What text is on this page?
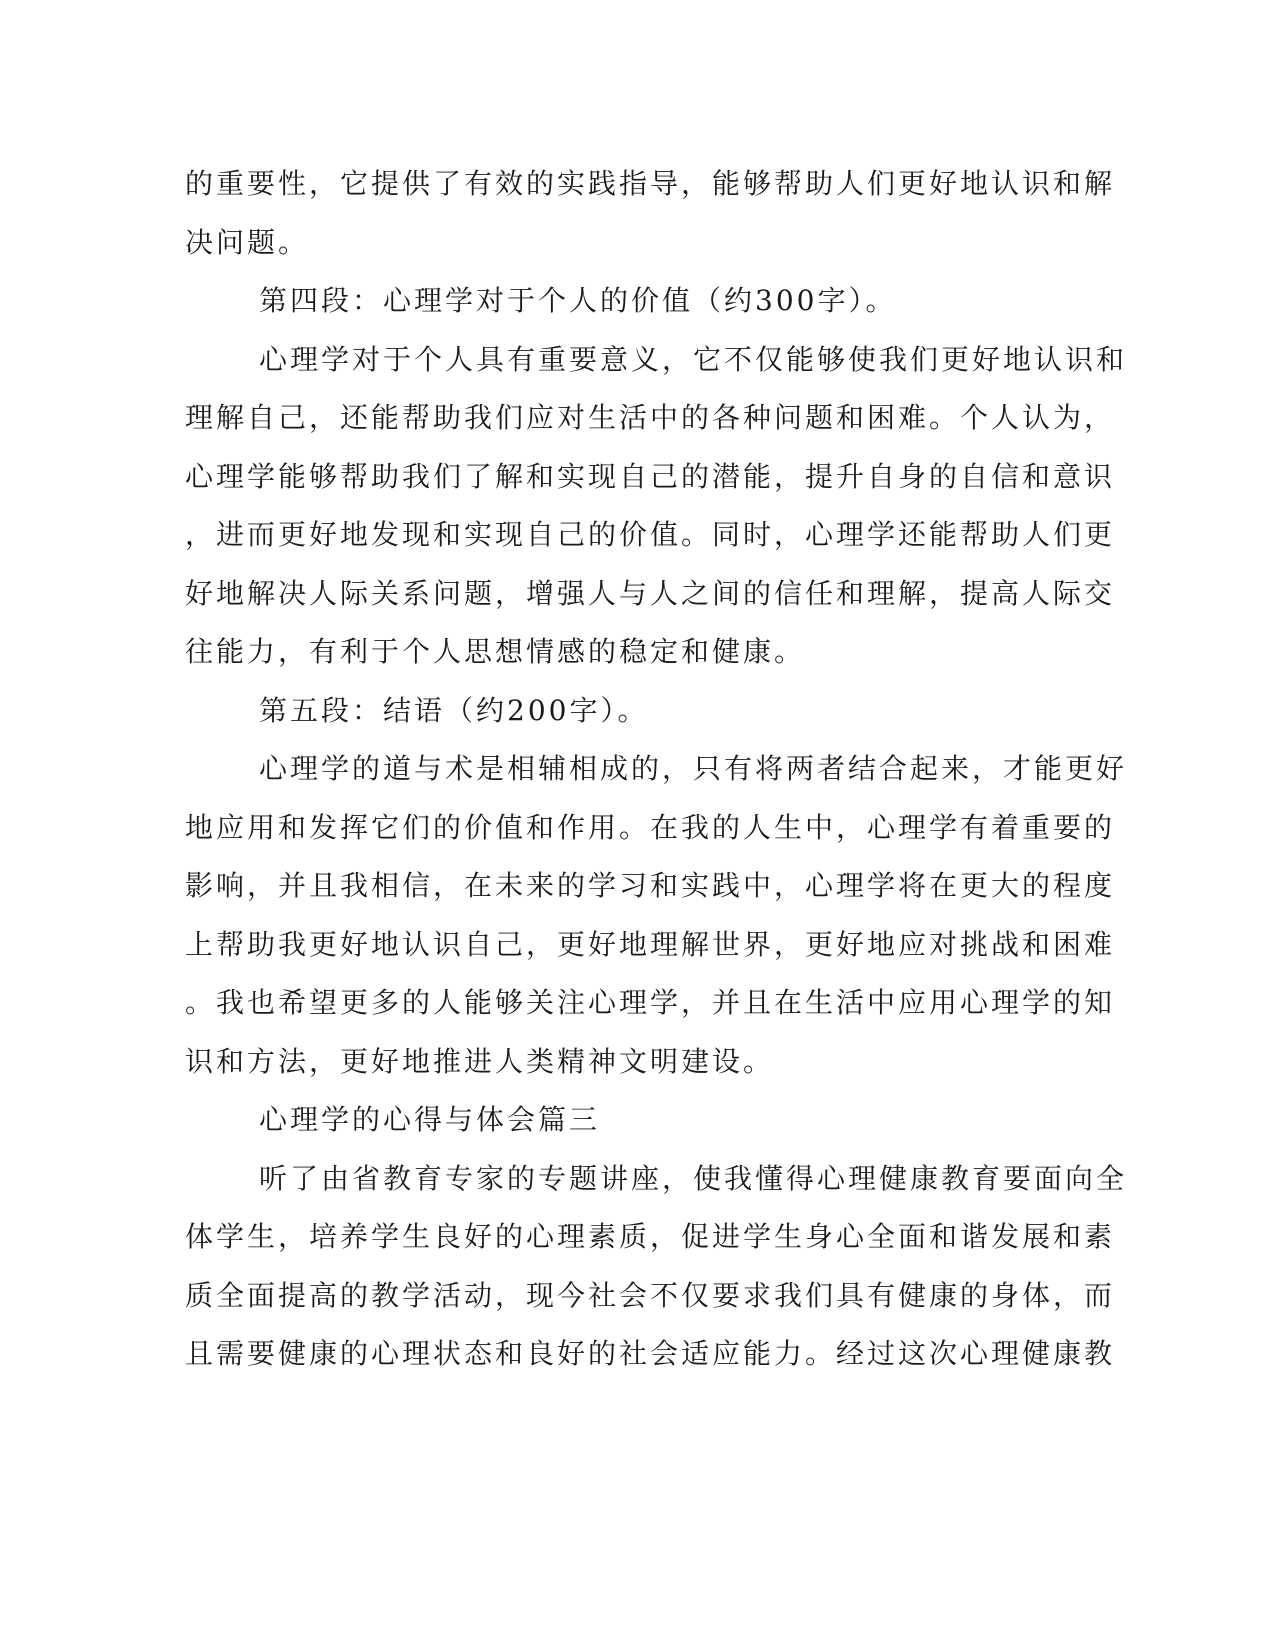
的重要性，它提供了有效的实践指导，能够帮助人们更好地认识和解
决问题。
第四段：心理学对于个人的价值（约300字）。
心理学对于个人具有重要意义，它不仅能够使我们更好地认识和
理解自己，还能帮助我们应对生活中的各种问题和困难。个人认为，
心理学能够帮助我们了解和实现自己的潜能，提升自身的自信和意识
，进而更好地发现和实现自己的价值。同时，心理学还能帮助人们更
好地解决人际关系问题，增强人与人之间的信任和理解，提高人际交
往能力，有利于个人思想情感的稳定和健康。
第五段：结语（约200字）。
心理学的道与术是相辅相成的，只有将两者结合起来，才能更好
地应用和发挥它们的价值和作用。在我的人生中，心理学有着重要的
影响，并且我相信，在未来的学习和实践中，心理学将在更大的程度
上帮助我更好地认识自己，更好地理解世界，更好地应对挑战和困难
。我也希望更多的人能够关注心理学，并且在生活中应用心理学的知
识和方法，更好地推进人类精神文明建设。
心理学的心得与体会篇三
听了由省教育专家的专题讲座，使我懂得心理健康教育要面向全
体学生，培养学生良好的心理素质，促进学生身心全面和谐发展和素
质全面提高的教学活动，现今社会不仅要求我们具有健康的身体，而
且需要健康的心理状态和良好的社会适应能力。经过这次心理健康教
